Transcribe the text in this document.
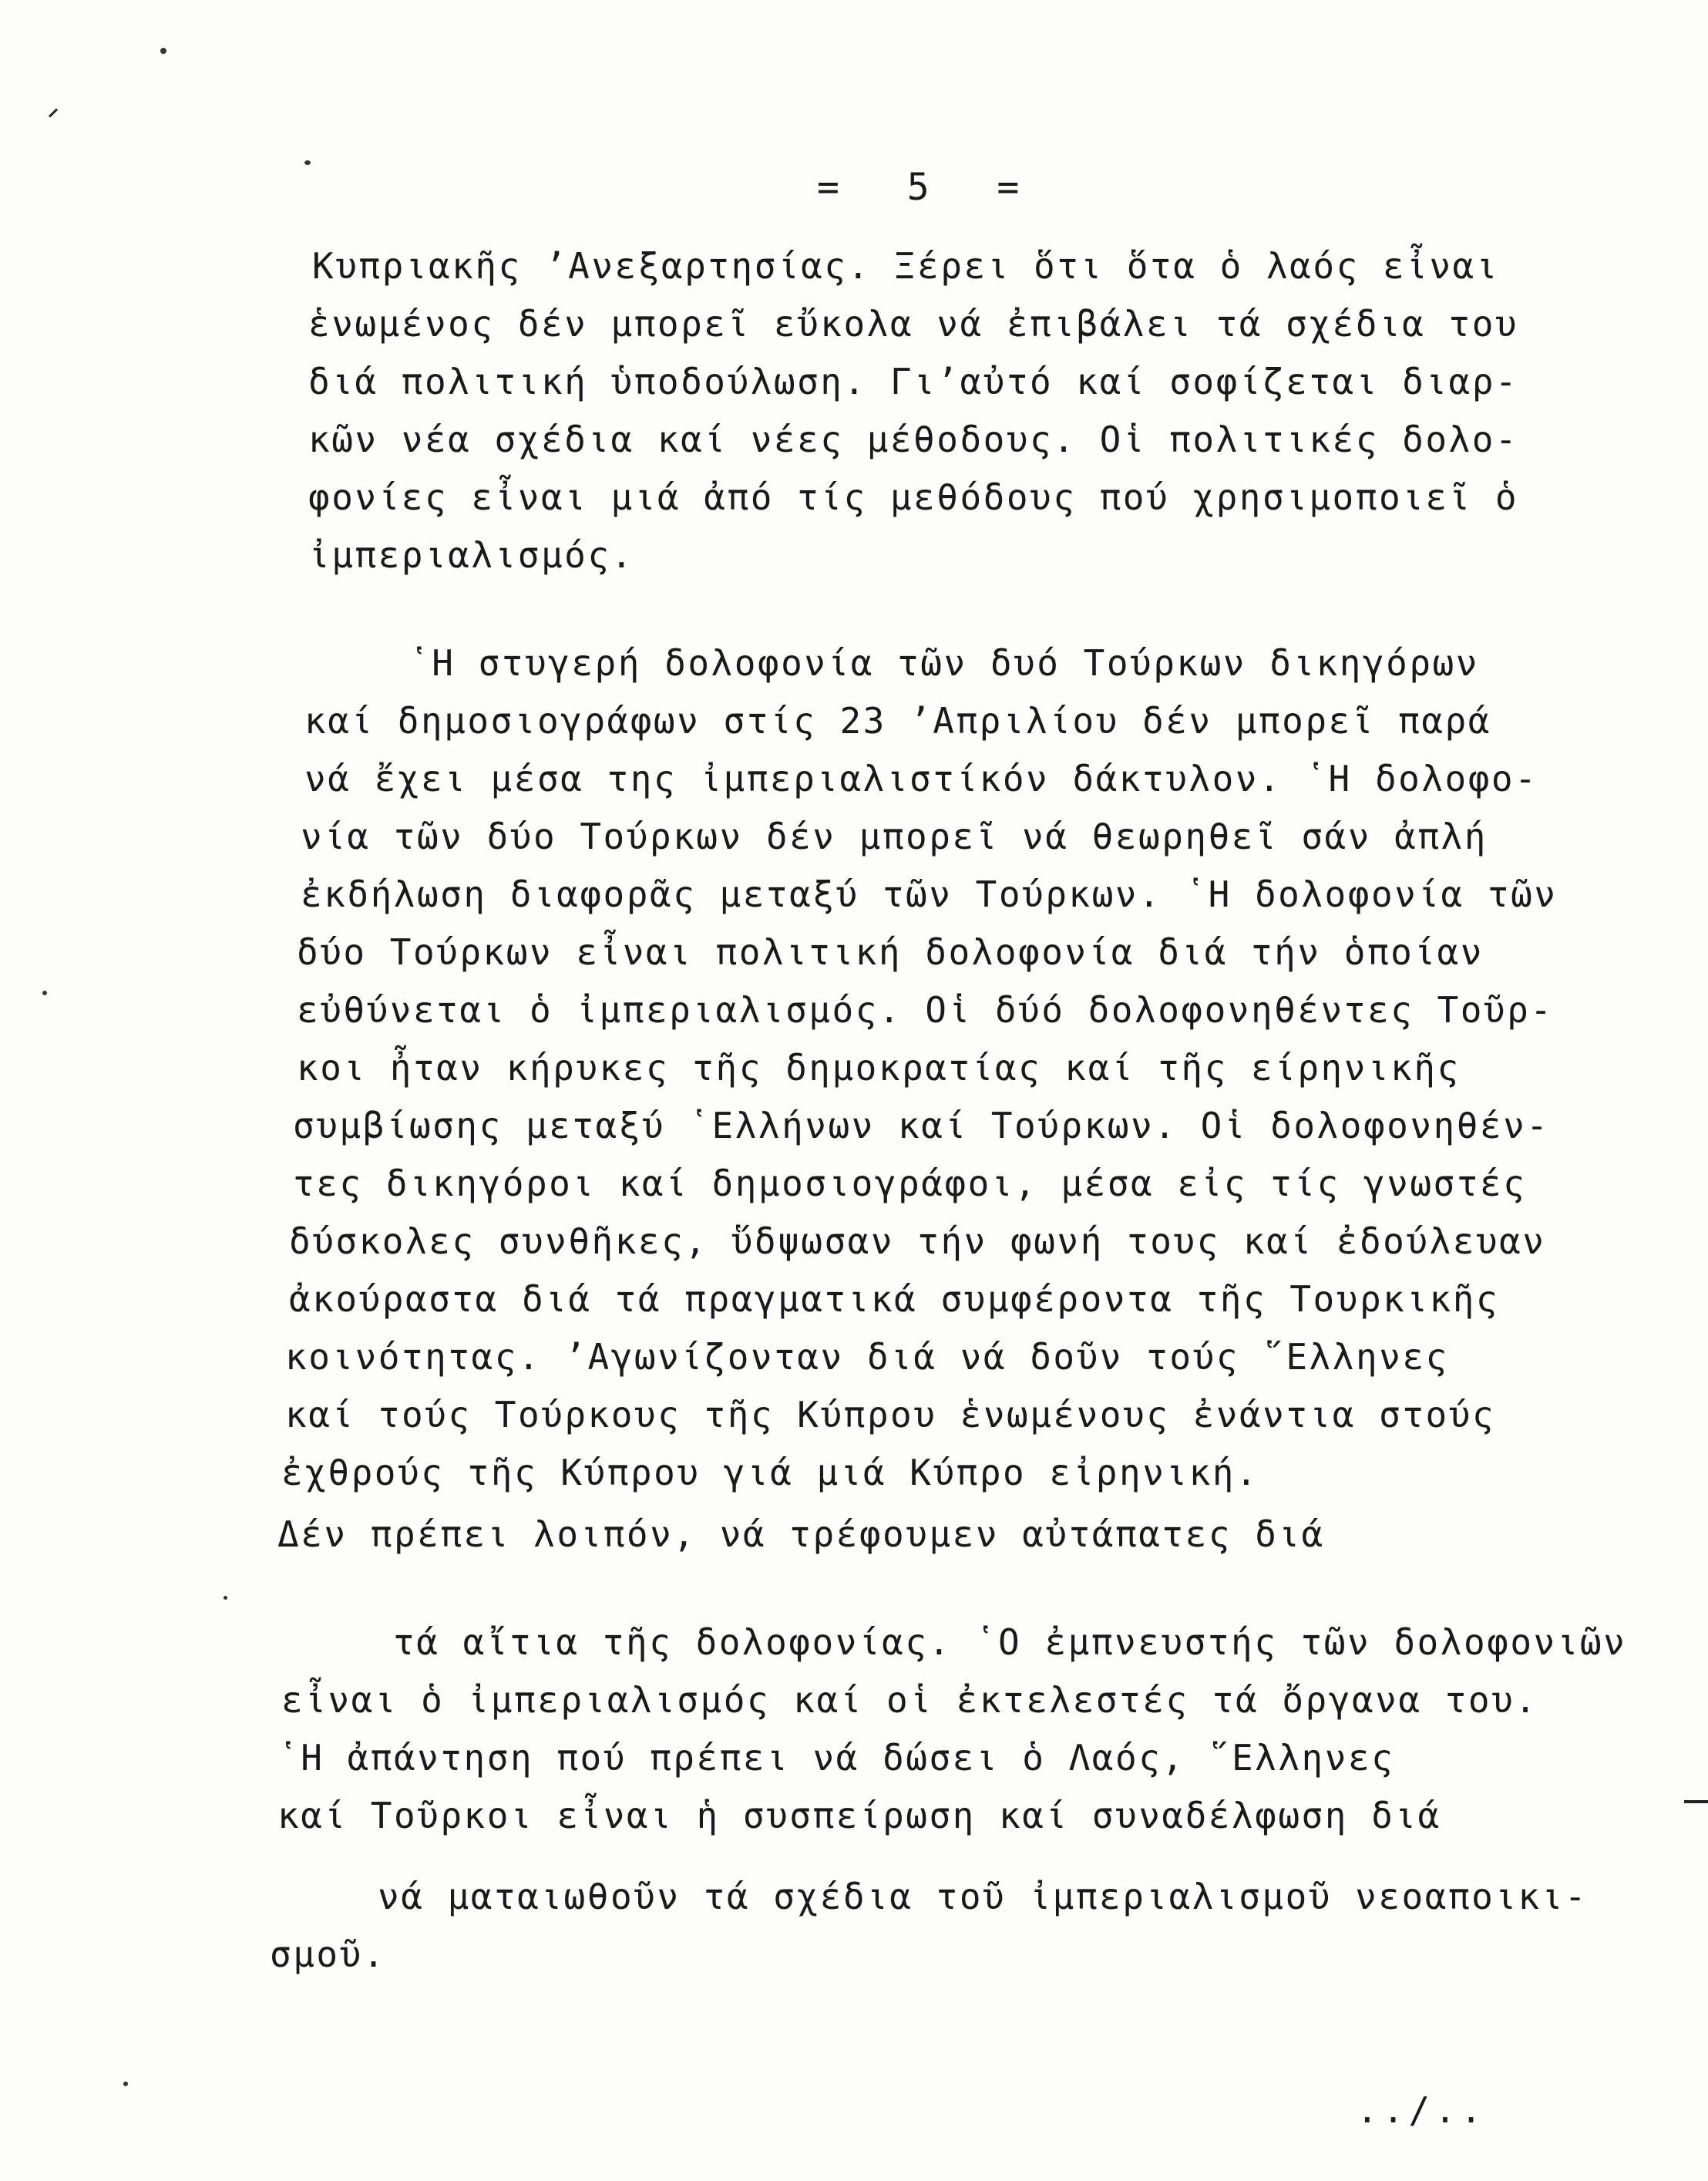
=  5  =
Κυπριακῆς ’Ανεξαρτησίας. Ξέρει ὅτι ὅτα ὁ λαός εἶναι
ἑνωμένος δέν μπορεῖ εὔκολα νά ἐπιβάλει τά σχέδια του
διά πολιτική ὑποδούλωση. Γι’αὐτό καί σοφίζεται διαρ-
κῶν νέα σχέδια καί νέες μέθοδους. Οἱ πολιτικές δολο-
φονίες εἶναι μιά ἀπό τίς μεθόδους πού χρησιμοποιεῖ ὁ
ἰμπεριαλισμός.
῾Η στυγερή δολοφονία τῶν δυό Τούρκων δικηγόρων
καί δημοσιογράφων στίς 23 ’Απριλίου δέν μπορεῖ παρά
νά ἔχει μέσα της ἰμπεριαλιστίκόν δάκτυλον. ῾Η δολοφο-
νία τῶν δύο Τούρκων δέν μπορεῖ νά θεωρηθεῖ σάν ἀπλή
ἐκδήλωση διαφορᾶς μεταξύ τῶν Τούρκων. ῾Η δολοφονία τῶν
δύο Τούρκων εἶναι πολιτική δολοφονία διά τήν ὁποίαν
εὐθύνεται ὁ ἰμπεριαλισμός. Οἱ δύό δολοφονηθέντες Τοῦρ-
κοι ἦταν κήρυκες τῆς δημοκρατίας καί τῆς είρηνικῆς
συμβίωσης μεταξύ ῾Ελλήνων καί Τούρκων. Οἱ δολοφονηθέν-
τες δικηγόροι καί δημοσιογράφοι, μέσα εἰς τίς γνωστές
δύσκολες συνθῆκες, ὕδψωσαν τήν φωνή τους καί ἐδούλευαν
ἀκούραστα διά τά πραγματικά συμφέροντα τῆς Τουρκικῆς
κοινότητας. ’Αγωνίζονταν διά νά δοῦν τούς ῞Ελληνες
καί τούς Τούρκους τῆς Κύπρου ἑνωμένους ἐνάντια στούς
ἐχθρούς τῆς Κύπρου γιά μιά Κύπρο εἰρηνική.
Δέν πρέπει λοιπόν, νά τρέφουμεν αὐτάπατες διά
τά αἴτια τῆς δολοφονίας. ῾Ο ἐμπνευστής τῶν δολοφονιῶν
εἶναι ὁ ἰμπεριαλισμός καί οἱ ἐκτελεστές τά ὄργανα του.
῾Η ἀπάντηση πού πρέπει νά δώσει ὁ Λαός, ῞Ελληνες
καί Τοῦρκοι εἶναι ἡ συσπείρωση καί συναδέλφωση διά
νά ματαιωθοῦν τά σχέδια τοῦ ἰμπεριαλισμοῦ νεοαποικι-
σμοῦ.
../..
